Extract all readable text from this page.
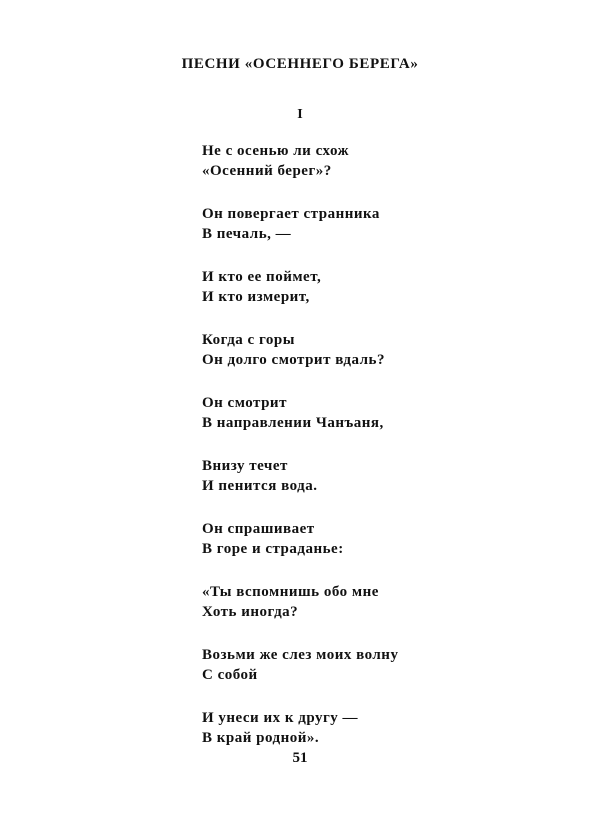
ПЕСНИ «ОСЕННЕГО БЕРЕГА»
I
Не с осенью ли схож
«Осенний берег»?
Он повергает странника
В печаль, —
И кто ее поймет,
И кто измерит,
Когда с горы
Он долго смотрит вдаль?
Он смотрит
В направлении Чанъаня,
Внизу течет
И пенится вода.
Он спрашивает
В горе и страданье:
«Ты вспомнишь обо мне
Хоть иногда?
Возьми же слез моих волну
С собой
И унеси их к другу —
В край родной».
51
